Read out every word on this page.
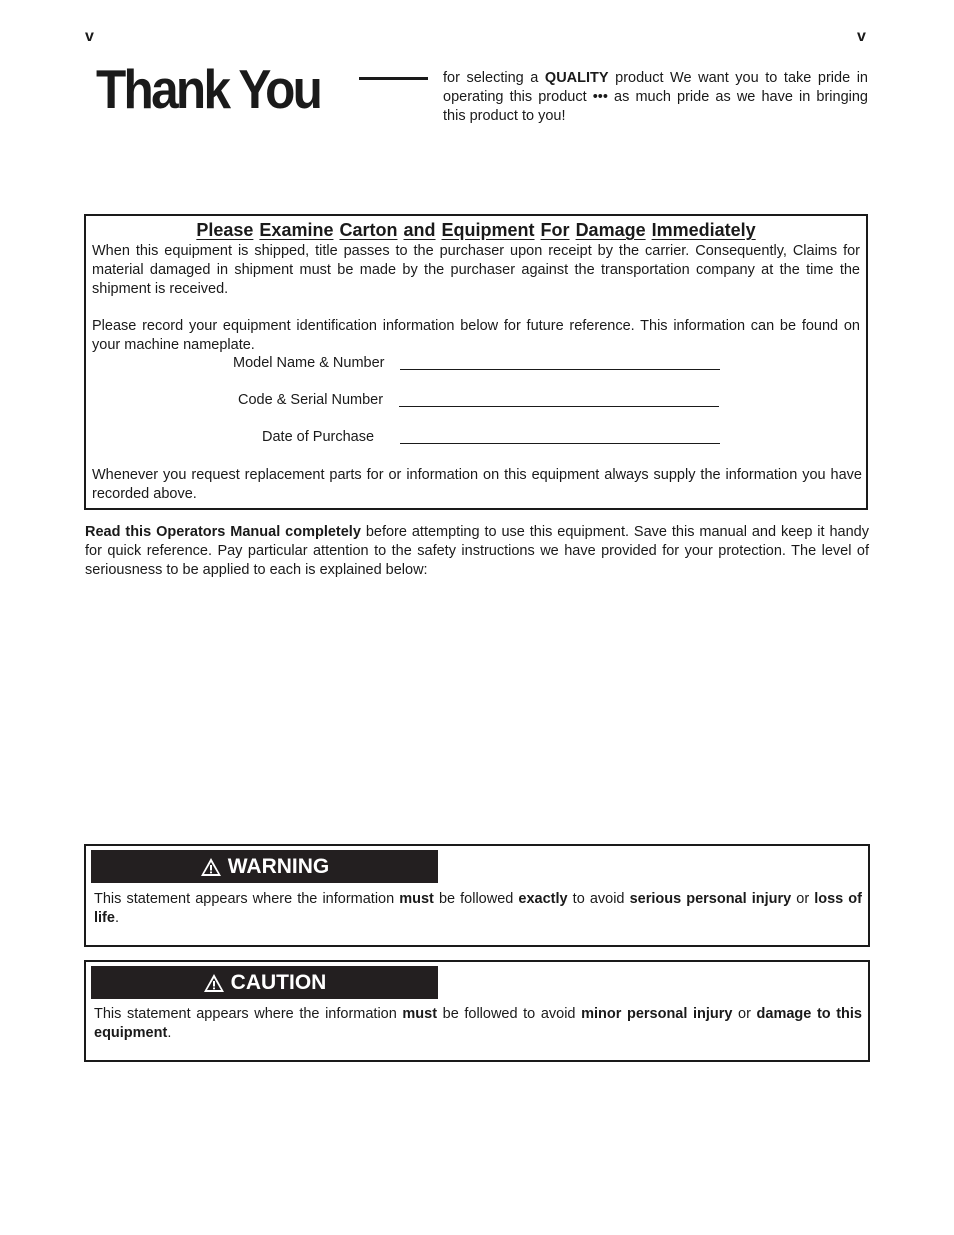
v	v
Thank You	for selecting a QUALITY product We want you to take pride in operating this product ••• as much pride as we have in bringing this product to you!

Please Examine Carton and Equipment For Damage Immediately

When this equipment is shipped, title passes to the purchaser upon receipt by the carrier. Consequently, Claims for material damaged in shipment must be made by the purchaser against the transportation company at the time the shipment is received.

Please record your equipment identification information below for future reference. This information can be found on your machine nameplate.

Model Name & Number
Code & Serial Number
Date of Purchase

Whenever you request replacement parts for or information on this equipment always supply the information you have recorded above.

Read this Operators Manual completely before attempting to use this equipment. Save this manual and keep it handy for quick reference. Pay particular attention to the safety instructions we have provided for your protection. The level of seriousness to be applied to each is explained below:

WARNING

This statement appears where the information must be followed exactly to avoid serious personal injury or loss of life.

CAUTION

This statement appears where the information must be followed to avoid minor personal injury or damage to this equipment.
